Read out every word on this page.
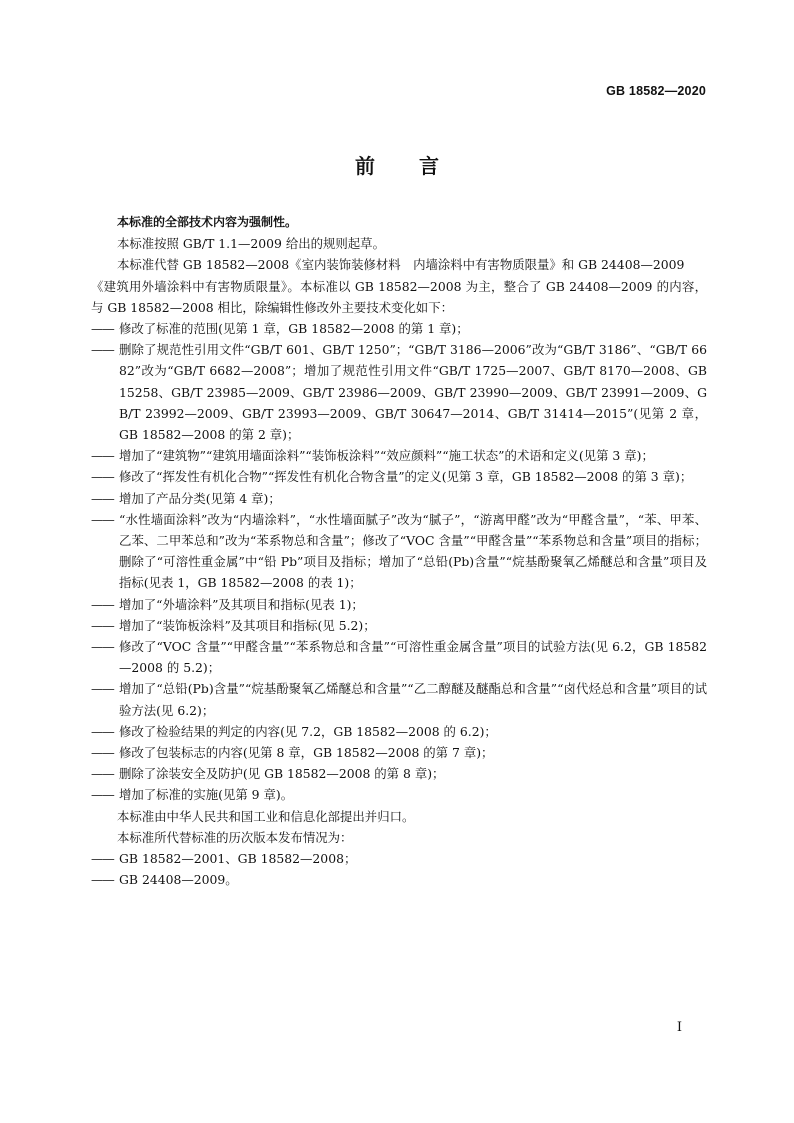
GB 18582—2020
前 言
本标准的全部技术内容为强制性。
本标准按照 GB/T 1.1—2009 给出的规则起草。
本标准代替 GB 18582—2008《室内装饰装修材料　内墙涂料中有害物质限量》和 GB 24408—2009
《建筑用外墙涂料中有害物质限量》。本标准以 GB 18582—2008 为主，整合了 GB 24408—2009 的内容，与 GB 18582—2008 相比，除编辑性修改外主要技术变化如下：
—— 修改了标准的范围(见第 1 章，GB 18582—2008 的第 1 章)；
—— 删除了规范性引用文件“GB/T 601、GB/T 1250”；“GB/T 3186—2006”改为“GB/T 3186”、“GB/T 6682”改为“GB/T 6682—2008”；增加了规范性引用文件“GB/T 1725—2007、GB/T 8170—2008、GB 15258、GB/T 23985—2009、GB/T 23986—2009、GB/T 23990—2009、GB/T 23991—2009、GB/T 23992—2009、GB/T 23993—2009、GB/T 30647—2014、GB/T 31414—2015”(见第 2 章，GB 18582—2008 的第 2 章)；
—— 增加了“建筑物”“建筑用墙面涂料”“装饰板涂料”“效应颜料”“施工状态”的术语和定义(见第 3 章)；
—— 修改了“挥发性有机化合物”“挥发性有机化合物含量”的定义(见第 3 章，GB 18582—2008 的第 3 章)；
—— 增加了产品分类(见第 4 章)；
—— “水性墙面涂料”改为“内墙涂料”，“水性墙面腻子”改为“腻子”，“游离甲醛”改为“甲醛含量”，“苯、甲苯、乙苯、二甲苯总和”改为“苯系物总和含量”；修改了“VOC 含量”“甲醛含量”“苯系物总和含量”项目的指标；删除了“可溶性重金属”中“铅 Pb”项目及指标；增加了“总铅(Pb)含量”“烷基酚聚氧乙烯醚总和含量”项目及指标(见表 1，GB 18582—2008 的表 1)；
—— 增加了“外墙涂料”及其项目和指标(见表 1)；
—— 增加了“装饰板涂料”及其项目和指标(见 5.2)；
—— 修改了“VOC 含量”“甲醛含量”“苯系物总和含量”“可溶性重金属含量”项目的试验方法(见 6.2，GB 18582—2008 的 5.2)；
—— 增加了“总铅(Pb)含量”“烷基酚聚氧乙烯醚总和含量”“乙二醇醚及醚酯总和含量”“卤代烃总和含量”项目的试验方法(见 6.2)；
—— 修改了检验结果的判定的内容(见 7.2，GB 18582—2008 的 6.2)；
—— 修改了包装标志的内容(见第 8 章，GB 18582—2008 的第 7 章)；
—— 删除了涂装安全及防护(见 GB 18582—2008 的第 8 章)；
—— 增加了标准的实施(见第 9 章)。
本标准由中华人民共和国工业和信息化部提出并归口。
本标准所代替标准的历次版本发布情况为：
—— GB 18582—2001、GB 18582—2008；
—— GB 24408—2009。
I
